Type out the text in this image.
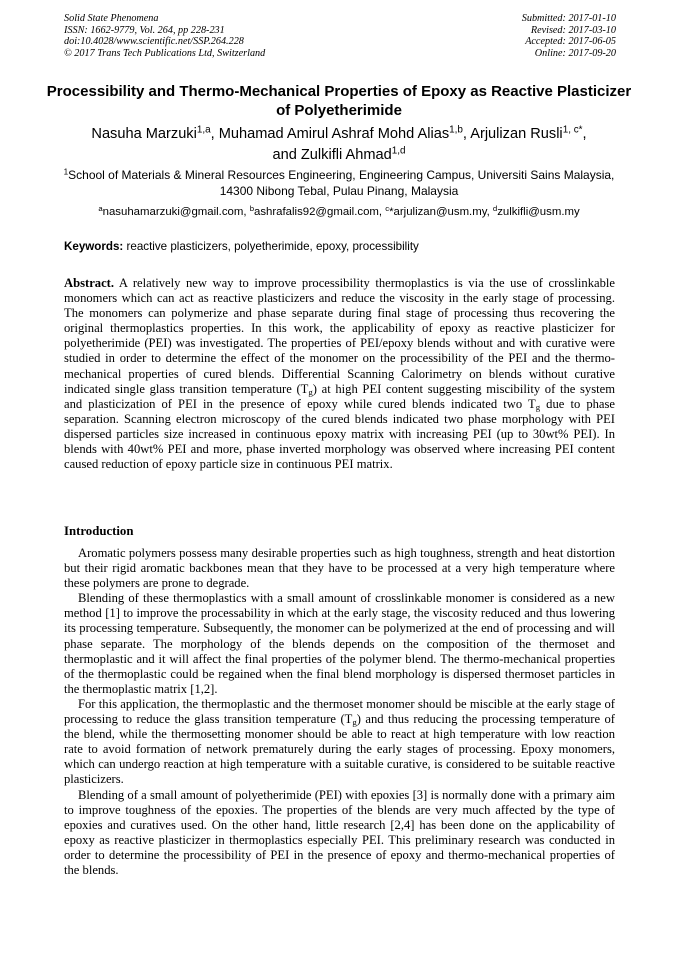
Solid State Phenomena
ISSN: 1662-9779, Vol. 264, pp 228-231
doi:10.4028/www.scientific.net/SSP.264.228
© 2017 Trans Tech Publications Ltd, Switzerland
Submitted: 2017-01-10
Revised: 2017-03-10
Accepted: 2017-06-05
Online: 2017-09-20
Processibility and Thermo-Mechanical Properties of Epoxy as Reactive Plasticizer of Polyetherimide
Nasuha Marzuki$^{1,a}$, Muhamad Amirul Ashraf Mohd Alias$^{1,b}$, Arjulizan Rusli$^{1, c*}$,
and Zulkifli Ahmad$^{1,d}$
$^1$School of Materials & Mineral Resources Engineering, Engineering Campus, Universiti Sains Malaysia, 14300 Nibong Tebal, Pulau Pinang, Malaysia
$^a$nasuhamarzuki@gmail.com, $^b$ashrafalis92@gmail.com, $^c$*arjulizan@usm.my, $^d$zulkifli@usm.my
Keywords: reactive plasticizers, polyetherimide, epoxy, processibility
Abstract. A relatively new way to improve processibility thermoplastics is via the use of crosslinkable monomers which can act as reactive plasticizers and reduce the viscosity in the early stage of processing. The monomers can polymerize and phase separate during final stage of processing thus recovering the original thermoplastics properties. In this work, the applicability of epoxy as reactive plasticizer for polyetherimide (PEI) was investigated. The properties of PEI/epoxy blends without and with curative were studied in order to determine the effect of the monomer on the processibility of the PEI and the thermo-mechanical properties of cured blends. Differential Scanning Calorimetry on blends without curative indicated single glass transition temperature $(T_g)$ at high PEI content suggesting miscibility of the system and plasticization of PEI in the presence of epoxy while cured blends indicated two $T_g$ due to phase separation. Scanning electron microscopy of the cured blends indicated two phase morphology with PEI dispersed particles size increased in continuous epoxy matrix with increasing PEI (up to 30wt% PEI). In blends with 40wt% PEI and more, phase inverted morphology was observed where increasing PEI content caused reduction of epoxy particle size in continuous PEI matrix.
Introduction

Aromatic polymers possess many desirable properties such as high toughness, strength and heat distortion but their rigid aromatic backbones mean that they have to be processed at a very high temperature where these polymers are prone to degrade.

Blending of these thermoplastics with a small amount of crosslinkable monomer is considered as a new method [1] to improve the processability in which at the early stage, the viscosity reduced and thus lowering its processing temperature. Subsequently, the monomer can be polymerized at the end of processing and will phase separate. The morphology of the blends depends on the composition of the thermoset and thermoplastic and it will affect the final properties of the polymer blend. The thermo-mechanical properties of the thermoplastic could be regained when the final blend morphology is dispersed thermoset particles in the thermoplastic matrix [1,2].

For this application, the thermoplastic and the thermoset monomer should be miscible at the early stage of processing to reduce the glass transition temperature $(T_g)$ and thus reducing the processing temperature of the blend, while the thermosetting monomer should be able to react at high temperature with low reaction rate to avoid formation of network prematurely during the early stages of processing. Epoxy monomers, which can undergo reaction at high temperature with a suitable curative, is considered to be suitable reactive plasticizers.

Blending of a small amount of polyetherimide (PEI) with epoxies [3] is normally done with a primary aim to improve toughness of the epoxies. The properties of the blends are very much affected by the type of epoxies and curatives used. On the other hand, little research [2,4] has been done on the applicability of epoxy as reactive plasticizer in thermoplastics especially PEI. This preliminary research was conducted in order to determine the processibility of PEI in the presence of epoxy and thermo-mechanical properties of the blends.
